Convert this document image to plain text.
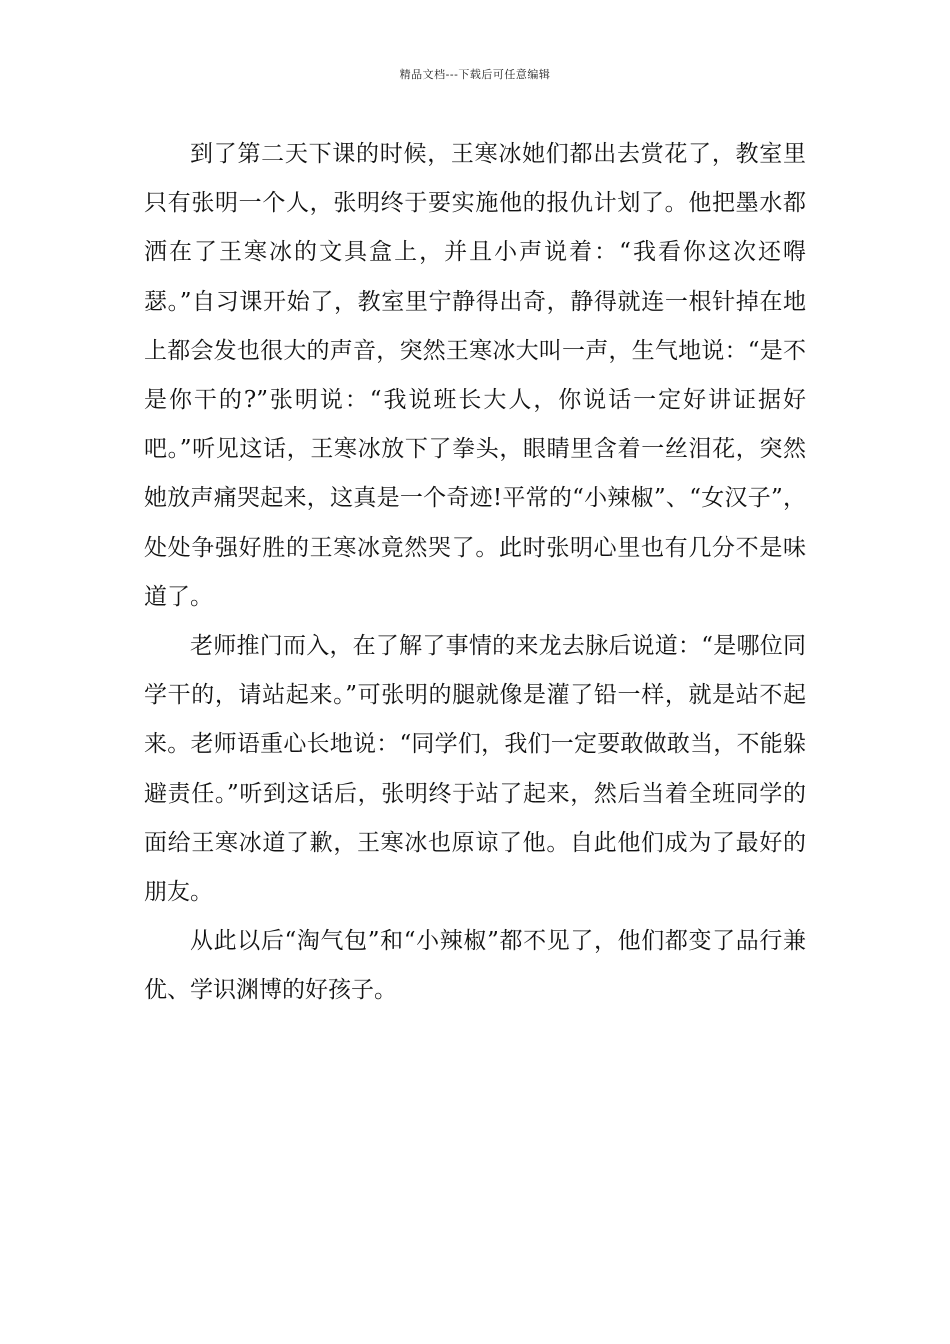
精品文档---下载后可任意编辑

到了第二天下课的时候，王寒冰她们都出去赏花了，教室里只有张明一个人，张明终于要实施他的报仇计划了。他把墨水都洒在了王寒冰的文具盒上，并且小声说着：“我看你这次还嘚瑟。”自习课开始了，教室里宁静得出奇，静得就连一根针掉在地上都会发也很大的声音，突然王寒冰大叫一声，生气地说：“是不是你干的?”张明说：“我说班长大人，你说话一定好讲证据好吧。”听见这话，王寒冰放下了拳头，眼睛里含着一丝泪花，突然她放声痛哭起来，这真是一个奇迹!平常的“小辣椒”、“女汉子”，处处争强好胜的王寒冰竟然哭了。此时张明心里也有几分不是味道了。

老师推门而入，在了解了事情的来龙去脉后说道：“是哪位同学干的，请站起来。”可张明的腿就像是灌了铅一样，就是站不起来。老师语重心长地说：“同学们，我们一定要敢做敢当，不能躲避责任。”听到这话后，张明终于站了起来，然后当着全班同学的面给王寒冰道了歉，王寒冰也原谅了他。自此他们成为了最好的朋友。

从此以后“淘气包”和“小辣椒”都不见了，他们都变了品行兼优、学识渊博的好孩子。
